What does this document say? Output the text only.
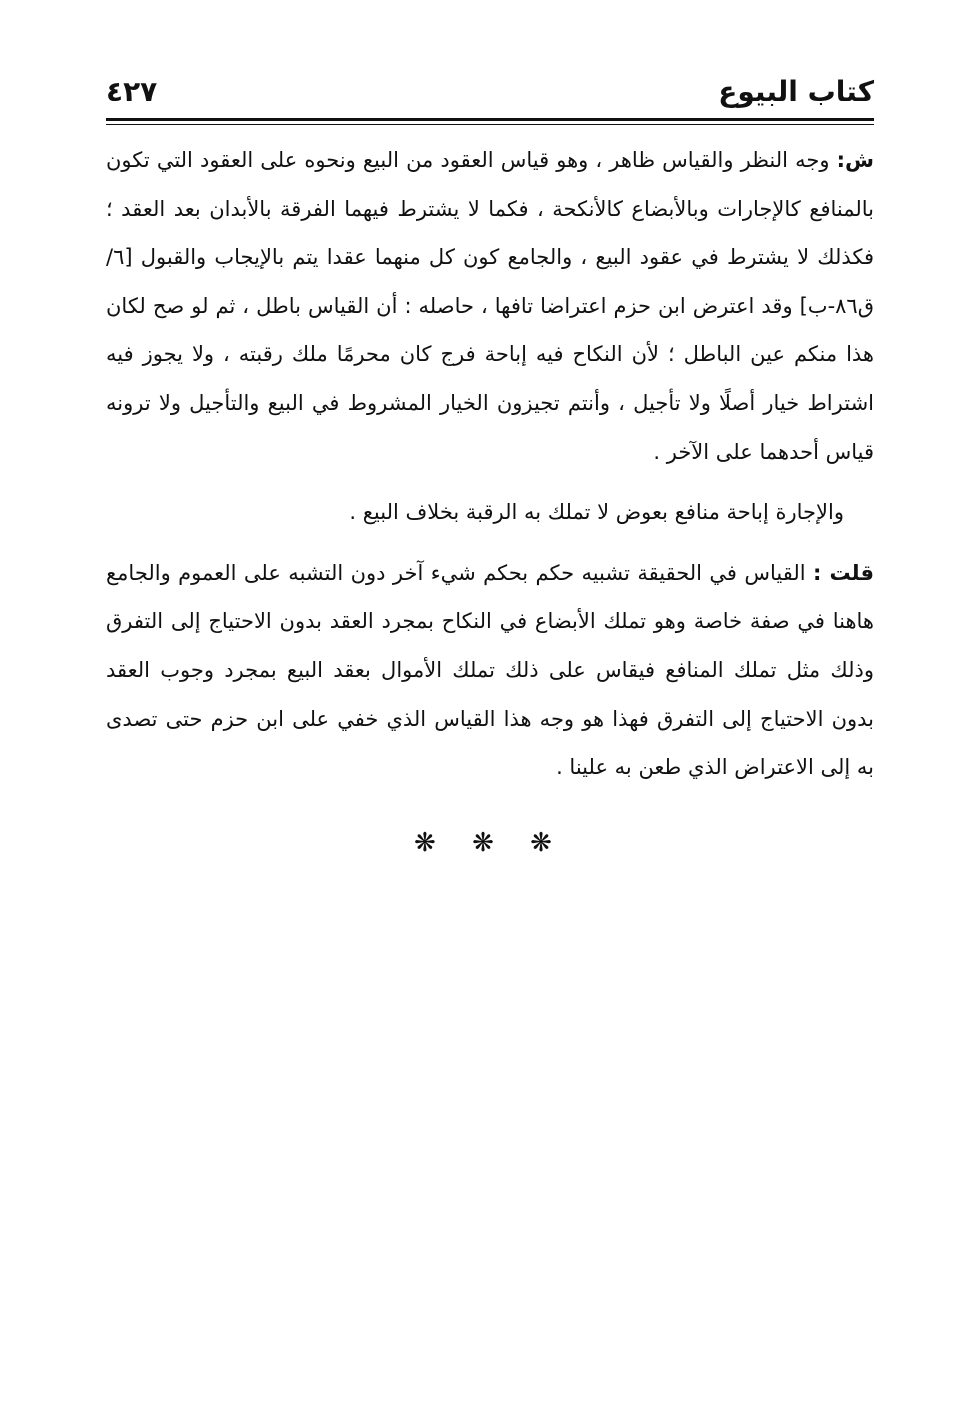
كتاب البيوع
٤٢٧

ش: وجه النظر والقياس ظاهر ، وهو قياس العقود من البيع ونحوه على العقود التي تكون بالمنافع كالإجارات وبالأبضاع كالأنكحة ، فكما لا يشترط فيهما الفرقة بالأبدان بعد العقد ؛ فكذلك لا يشترط في عقود البيع ، والجامع كون كل منهما عقدا يتم بالإيجاب والقبول [٦/ ق٨٦-ب] وقد اعترض ابن حزم اعتراضا تافها ، حاصله : أن القياس باطل ، ثم لو صح لكان هذا منكم عين الباطل ؛ لأن النكاح فيه إباحة فرج كان محرمًا ملك رقبته ، ولا يجوز فيه اشتراط خيار أصلًا ولا تأجيل ، وأنتم تجيزون الخيار المشروط في البيع والتأجيل ولا ترونه قياس أحدهما على الآخر .

والإجارة إباحة منافع بعوض لا تملك به الرقبة بخلاف البيع .

قلت : القياس في الحقيقة تشبيه حكم بحكم شيء آخر دون التشبه على العموم والجامع هاهنا في صفة خاصة وهو تملك الأبضاع في النكاح بمجرد العقد بدون الاحتياج إلى التفرق وذلك مثل تملك المنافع فيقاس على ذلك تملك الأموال بعقد البيع بمجرد وجوب العقد بدون الاحتياج إلى التفرق فهذا هو وجه هذا القياس الذي خفي على ابن حزم حتى تصدى به إلى الاعتراض الذي طعن به علينا .

❋ ❋ ❋
